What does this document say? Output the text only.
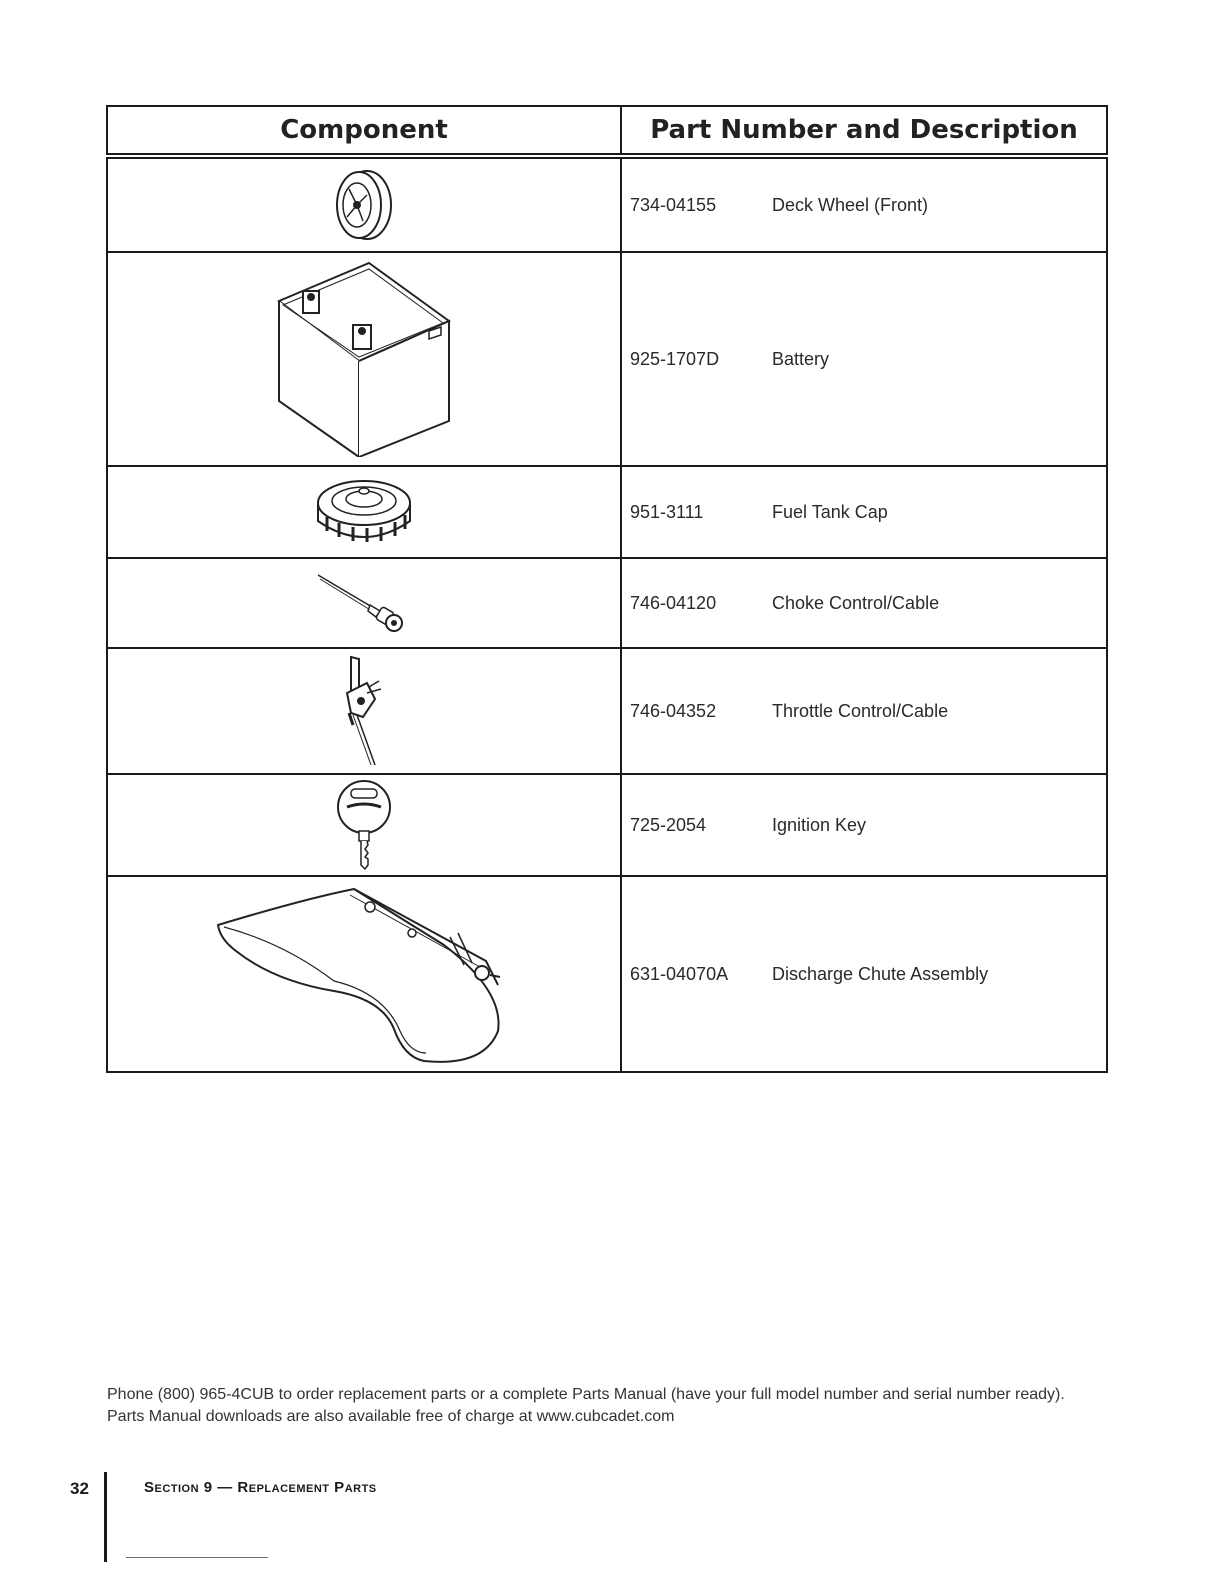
Component	Part Number and Description

	734-04155 Deck Wheel (Front)

	925-1707D Battery

	951-3111 Fuel Tank Cap

	746-04120 Choke Control/Cable

	746-04352 Throttle Control/Cable

	725-2054 Ignition Key

	631-04070A Discharge Chute Assembly
Phone (800) 965-4CUB to order replacement parts or a complete Parts Manual (have your full model number and serial number ready). Parts Manual downloads are also available free of charge at www.cubcadet.com
32	Section 9 — Replacement Parts
